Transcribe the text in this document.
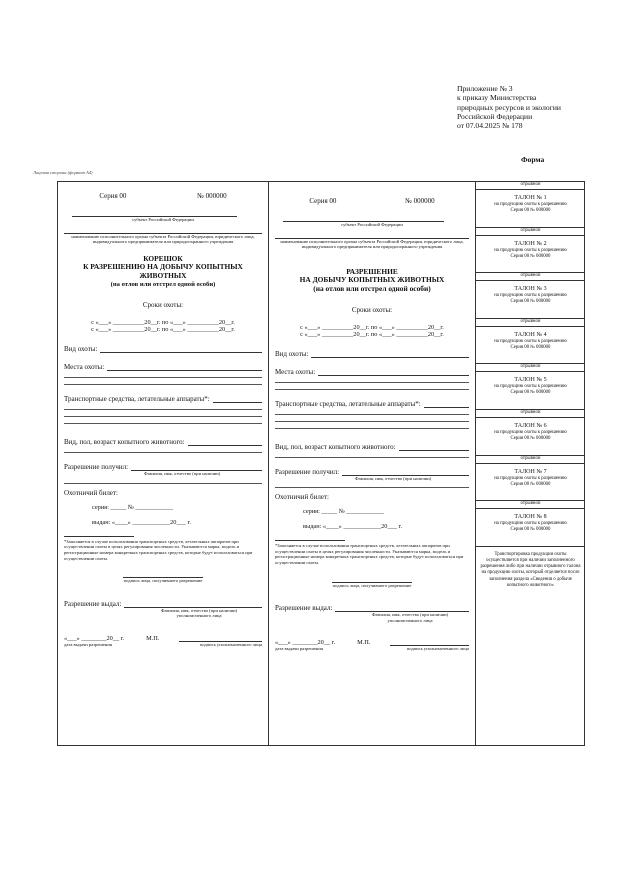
Приложение № 3
к приказу Министерства
природных ресурсов и экологии
Российской Федерации
от 07.04.2025 № 178
Форма
Лицевая сторона (формат А4)
Серия 00	№ 000000
субъект Российской Федерации
наименование исполнительного органа субъекта Российской Федерации, юридического лица, индивидуального предпринимателя или природоохранного учреждения
КОРЕШОК
К РАЗРЕШЕНИЮ НА ДОБЫЧУ КОПЫТНЫХ
ЖИВОТНЫХ
(на отлов или отстрел одной особи)
Сроки охоты:
с «___» __________20__г. по «___» __________20__г.
с «___» __________20__г. по «___» __________20__г.
Вид охоты:
Места охоты:
Транспортные средства, летательные аппараты*:
Вид, пол, возраст копытного животного:
Разрешение получил:
Фамилия, имя, отчество (при наличии)
Охотничий билет:
серия: _____ № ____________
выдан: «____» ____________20___ г.
*Заполняется в случае использования транспортных средств, летательных аппаратов при осуществлении охоты в целях регулирования численности. Указываются марка, модель и регистрационные номера конкретных транспортных средств, которые будут использоваться при осуществлении охоты.
подпись лица, получившего разрешение
Разрешение выдал:
Фамилия, имя, отчество (при наличии) уполномоченного лица
«___» ________20__ г.	М.П.
дата выдачи разрешения	подпись уполномоченного лица
Серия 00	№ 000000
субъект Российской Федерации
наименование исполнительного органа субъекта Российской Федерации, юридического лица, индивидуального предпринимателя или природоохранного учреждения
РАЗРЕШЕНИЕ
НА ДОБЫЧУ КОПЫТНЫХ ЖИВОТНЫХ
(на отлов или отстрел одной особи)
Сроки охоты:
с «___» __________20__г. по «___» __________20__г.
с «___» __________20__г. по «___» __________20__г.
Вид охоты:
Места охоты:
Транспортные средства, летательные аппараты*:
Вид, пол, возраст копытного животного:
Разрешение получил:
Фамилия, имя, отчество (при наличии)
Охотничий билет:
серия: _____ № ____________
выдан: «____» ____________20___ г.
*Заполняется в случае использования транспортных средств, летательных аппаратов при осуществлении охоты в целях регулирования численности. Указываются марка, модель и регистрационные номера конкретных транспортных средств, которые будут использоваться при осуществлении охоты.
подпись лица, получившего разрешение
Разрешение выдал:
Фамилия, имя, отчество (при наличии) уполномоченного лица
«___» ________20__ г.	М.П.
дата выдачи разрешения	подпись уполномоченного лица
отрывной
ТАЛОН № 1
на продукцию охоты к разрешению
Серия 00 № 000000
отрывной
ТАЛОН № 2
на продукцию охоты к разрешению
Серия 00 № 000000
отрывной
ТАЛОН № 3
на продукцию охоты к разрешению
Серия 00 № 000000
отрывной
ТАЛОН № 4
на продукцию охоты к разрешению
Серия 00 № 000000
отрывной
ТАЛОН № 5
на продукцию охоты к разрешению
Серия 00 № 000000
отрывной
ТАЛОН № 6
на продукцию охоты к разрешению
Серия 00 № 000000
отрывной
ТАЛОН № 7
на продукцию охоты к разрешению
Серия 00 № 000000
отрывной
ТАЛОН № 8
на продукцию охоты к разрешению
Серия 00 № 000000
Транспортировка продукции охоты осуществляется при наличии заполненного разрешения либо при наличии отрывного талона на продукцию охоты, который отделяется после заполнения раздела «Сведения о добыче копытного животного»
